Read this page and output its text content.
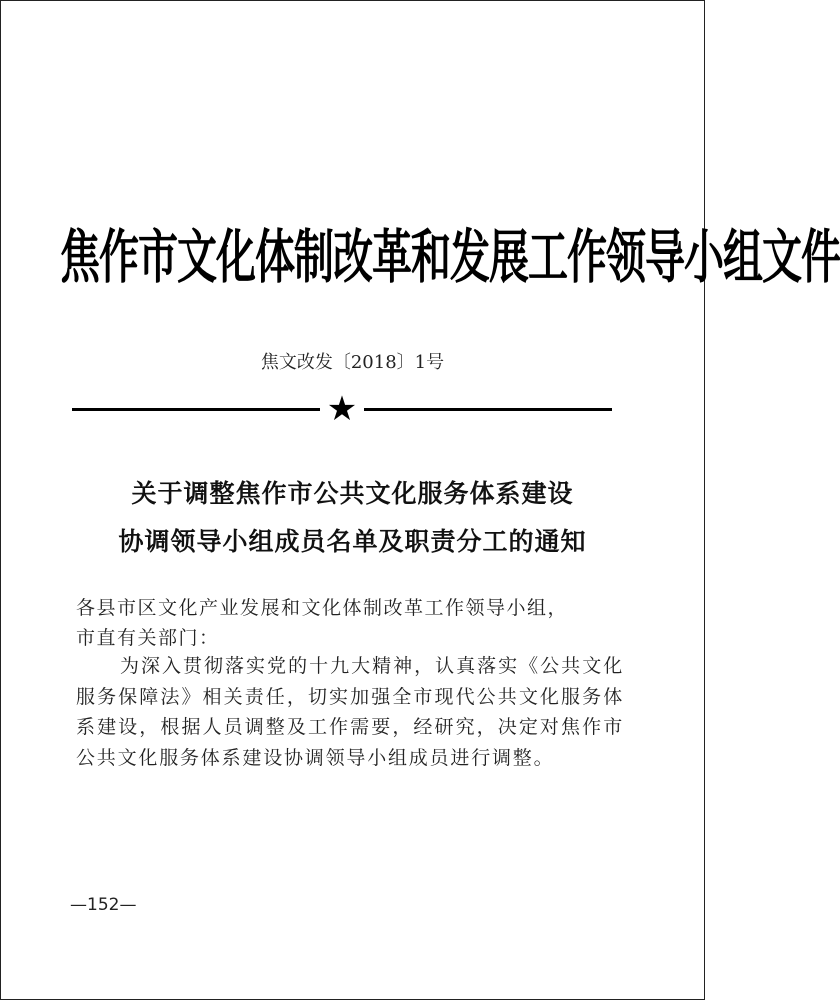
焦作市文化体制改革和发展工作领导小组文件
焦文改发〔2018〕1号
★
关于调整焦作市公共文化服务体系建设
协调领导小组成员名单及职责分工的通知
各县市区文化产业发展和文化体制改革工作领导小组，
市直有关部门：
为深入贯彻落实党的十九大精神，认真落实《公共文化服务保障法》相关责任，切实加强全市现代公共文化服务体系建设，根据人员调整及工作需要，经研究，决定对焦作市公共文化服务体系建设协调领导小组成员进行调整。
—152—
